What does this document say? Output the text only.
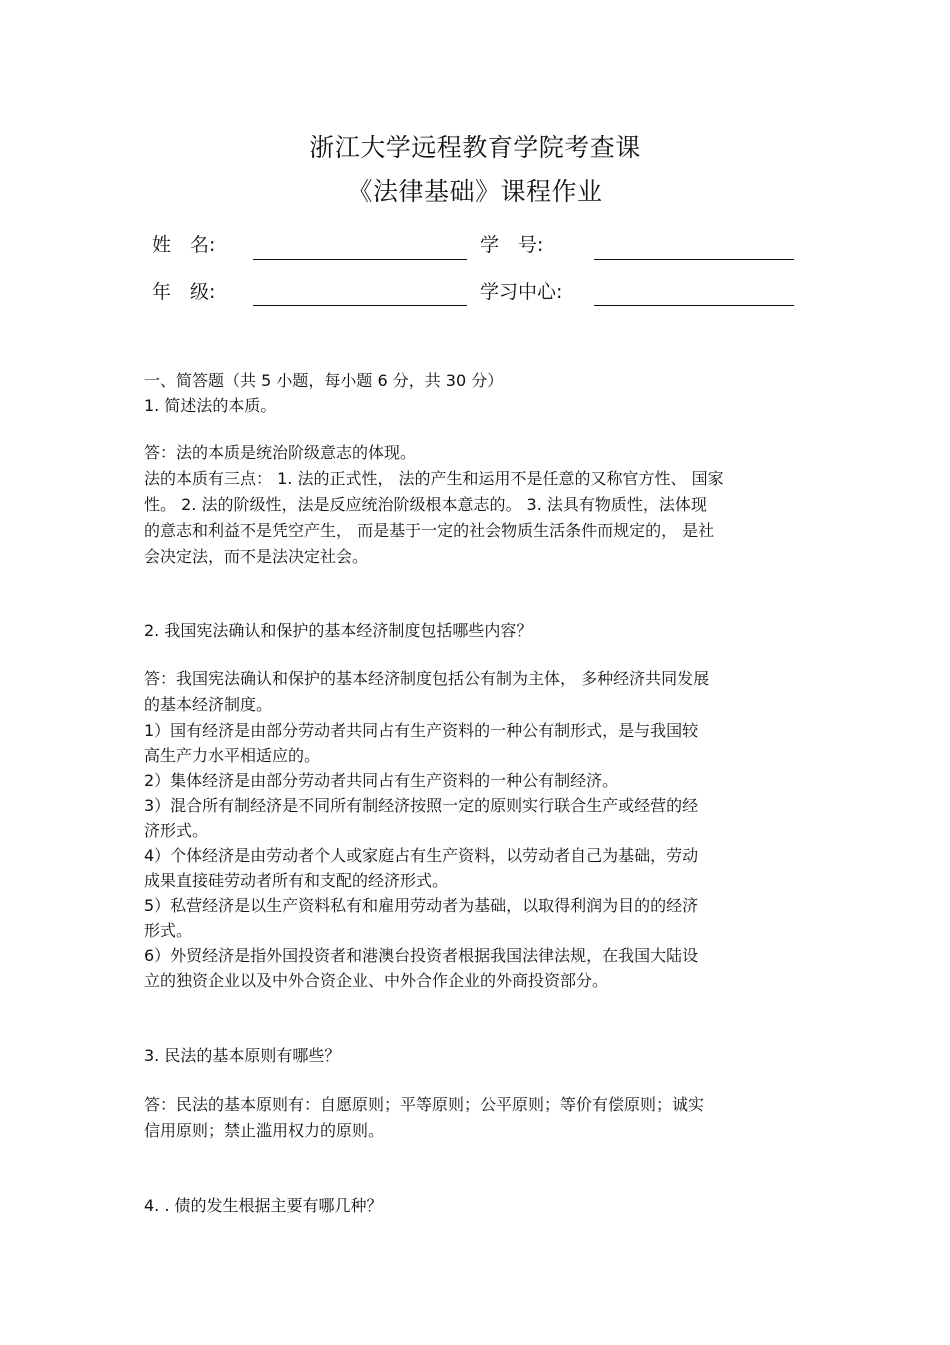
浙江大学远程教育学院考查课
《法律基础》课程作业
姓　名:	学　号:
年　级:	学习中心:
一、简答题（共 5 小题，每小题 6 分，共 30 分）
1. 简述法的本质。
答：法的本质是统治阶级意志的体现。
法的本质有三点： 1. 法的正式性， 法的产生和运用不是任意的又称官方性、 国家
性。 2. 法的阶级性，法是反应统治阶级根本意志的。 3. 法具有物质性，法体现
的意志和利益不是凭空产生， 而是基于一定的社会物质生活条件而规定的， 是社
会决定法，而不是法决定社会。
2. 我国宪法确认和保护的基本经济制度包括哪些内容？
答：我国宪法确认和保护的基本经济制度包括公有制为主体， 多种经济共同发展
的基本经济制度。
1）国有经济是由部分劳动者共同占有生产资料的一种公有制形式，是与我国较
高生产力水平相适应的。
2）集体经济是由部分劳动者共同占有生产资料的一种公有制经济。
3）混合所有制经济是不同所有制经济按照一定的原则实行联合生产或经营的经
济形式。
4）个体经济是由劳动者个人或家庭占有生产资料，以劳动者自己为基础，劳动
成果直接硅劳动者所有和支配的经济形式。
5）私营经济是以生产资料私有和雇用劳动者为基础，以取得利润为目的的经济
形式。
6）外贸经济是指外国投资者和港澳台投资者根据我国法律法规，在我国大陆设
立的独资企业以及中外合资企业、中外合作企业的外商投资部分。
3. 民法的基本原则有哪些？
答：民法的基本原则有：自愿原则；平等原则；公平原则；等价有偿原则；诚实
信用原则；禁止滥用权力的原则。
4. . 债的发生根据主要有哪几种？
